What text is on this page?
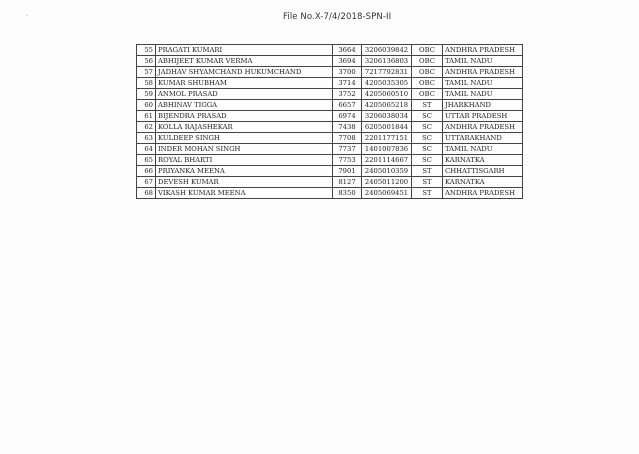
’	File No.X-7/4/2018-SPN-II
55	PRAGATI KUMARI	3664	3206039842	OBC	ANDHRA PRADESH
56	ABHIJEET KUMAR VERMA	3694	3206136803	OBC	TAMIL NADU
57	JADHAV SHYAMCHAND HUKUMCHAND	3700	7217792831	OBC	ANDHRA PRADESH
58	KUMAR SHUBHAM	3714	4205035305	OBC	TAMIL NADU
59	ANMOL PRASAD	3752	4205060510	OBC	TAMIL NADU
60	ABHINAV TIGGA	6657	4205065218	ST	JHARKHAND
61	BIJENDRA PRASAD	6974	3206038034	SC	UTTAR PRADESH
62	KOLLA RAJASHEKAR	7438	6205001844	SC	ANDHRA PRADESH
63	KULDEEP SINGH	7708	2201177151	SC	UTTARAKHAND
64	INDER MOHAN SINGH	7737	1401007836	SC	TAMIL NADU
65	ROYAL BHARTI	7753	2201114667	SC	KARNATKA
66	PRIYANKA MEENA	7901	2405010359	ST	CHHATTISGARH
67	DEVESH KUMAR	8127	2405011200	ST	KARNATKA
68	VIKASH KUMAR MEENA	8350	2405069451	ST	ANDHRA PRADESH
